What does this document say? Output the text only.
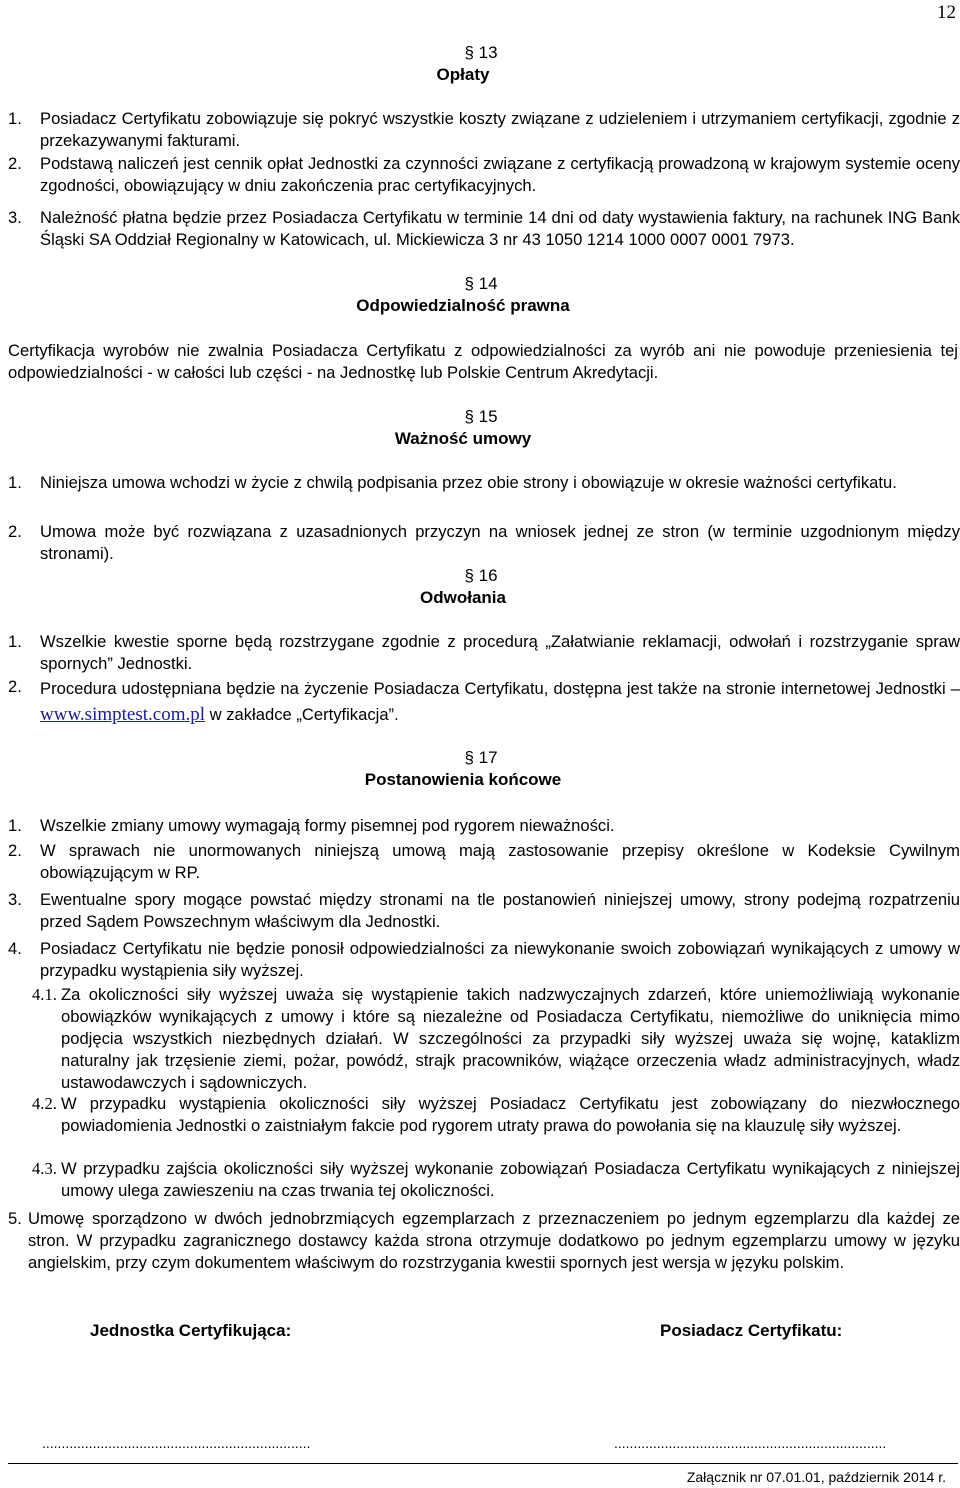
12
§ 13
Opłaty
1. Posiadacz Certyfikatu zobowiązuje się pokryć wszystkie koszty związane z udzieleniem i utrzymaniem certyfikacji, zgodnie z przekazywanymi fakturami.
2. Podstawą naliczeń jest cennik opłat Jednostki za czynności związane z certyfikacją prowadzoną w krajowym systemie oceny zgodności, obowiązujący w dniu zakończenia prac certyfikacyjnych.
3. Należność płatna będzie przez Posiadacza Certyfikatu w terminie 14 dni od daty wystawienia faktury, na rachunek ING Bank Śląski SA Oddział Regionalny w Katowicach, ul. Mickiewicza 3 nr 43 1050 1214 1000 0007 0001 7973.
§ 14
Odpowiedzialność prawna
Certyfikacja wyrobów nie zwalnia Posiadacza Certyfikatu z odpowiedzialności za wyrób ani nie powoduje przeniesienia tej odpowiedzialności - w całości lub części - na Jednostkę lub Polskie Centrum Akredytacji.
§ 15
Ważność umowy
1. Niniejsza umowa wchodzi w życie z chwilą podpisania przez obie strony i obowiązuje w okresie ważności certyfikatu.
2. Umowa może być rozwiązana z uzasadnionych przyczyn na wniosek jednej ze stron (w terminie uzgodnionym między stronami).
§ 16
Odwołania
1. Wszelkie kwestie sporne będą rozstrzygane zgodnie z procedurą „Załatwianie reklamacji, odwołań i rozstrzyganie spraw spornych” Jednostki.
2. Procedura udostępniana będzie na życzenie Posiadacza Certyfikatu, dostępna jest także na stronie internetowej Jednostki – www.simptest.com.pl w zakładce „Certyfikacja”.
§ 17
Postanowienia końcowe
1. Wszelkie zmiany umowy wymagają formy pisemnej pod rygorem nieważności.
2. W sprawach nie unormowanych niniejszą umową mają zastosowanie przepisy określone w Kodeksie Cywilnym obowiązującym w RP.
3. Ewentualne spory mogące powstać między stronami na tle postanowień niniejszej umowy, strony podejmą rozpatrzeniu przed Sądem Powszechnym właściwym dla Jednostki.
4. Posiadacz Certyfikatu nie będzie ponosił odpowiedzialności za niewykonanie swoich zobowiązań wynikających z umowy w przypadku wystąpienia siły wyższej.
4.1. Za okoliczności siły wyższej uważa się wystąpienie takich nadzwyczajnych zdarzeń, które uniemożliwiają wykonanie obowiązków wynikających z umowy i które są niezależne od Posiadacza Certyfikatu, niemożliwe do uniknięcia mimo podjęcia wszystkich niezbędnych działań. W szczególności za przypadki siły wyższej uważa się wojnę, kataklizm naturalny jak trzęsienie ziemi, pożar, powódź, strajk pracowników, wiążące orzeczenia władz administracyjnych, władz ustawodawczych i sądowniczych.
4.2. W przypadku wystąpienia okoliczności siły wyższej Posiadacz Certyfikatu jest zobowiązany do niezwłocznego powiadomienia Jednostki o zaistniałym fakcie pod rygorem utraty prawa do powołania się na klauzulę siły wyższej.
4.3. W przypadku zajścia okoliczności siły wyższej wykonanie zobowiązań Posiadacza Certyfikatu wynikających z niniejszej umowy ulega zawieszeniu na czas trwania tej okoliczności.
5. Umowę sporządzono w dwóch jednobrzmiących egzemplarzach z przeznaczeniem po jednym egzemplarzu dla każdej ze stron. W przypadku zagranicznego dostawcy każda strona otrzymuje dodatkowo po jednym egzemplarzu umowy w języku angielskim, przy czym dokumentem właściwym do rozstrzygania kwestii spornych jest wersja w języku polskim.
Jednostka Certyfikująca:	Posiadacz Certyfikatu:
.....................................................................	......................................................................
Załącznik nr 07.01.01, październik 2014 r.
